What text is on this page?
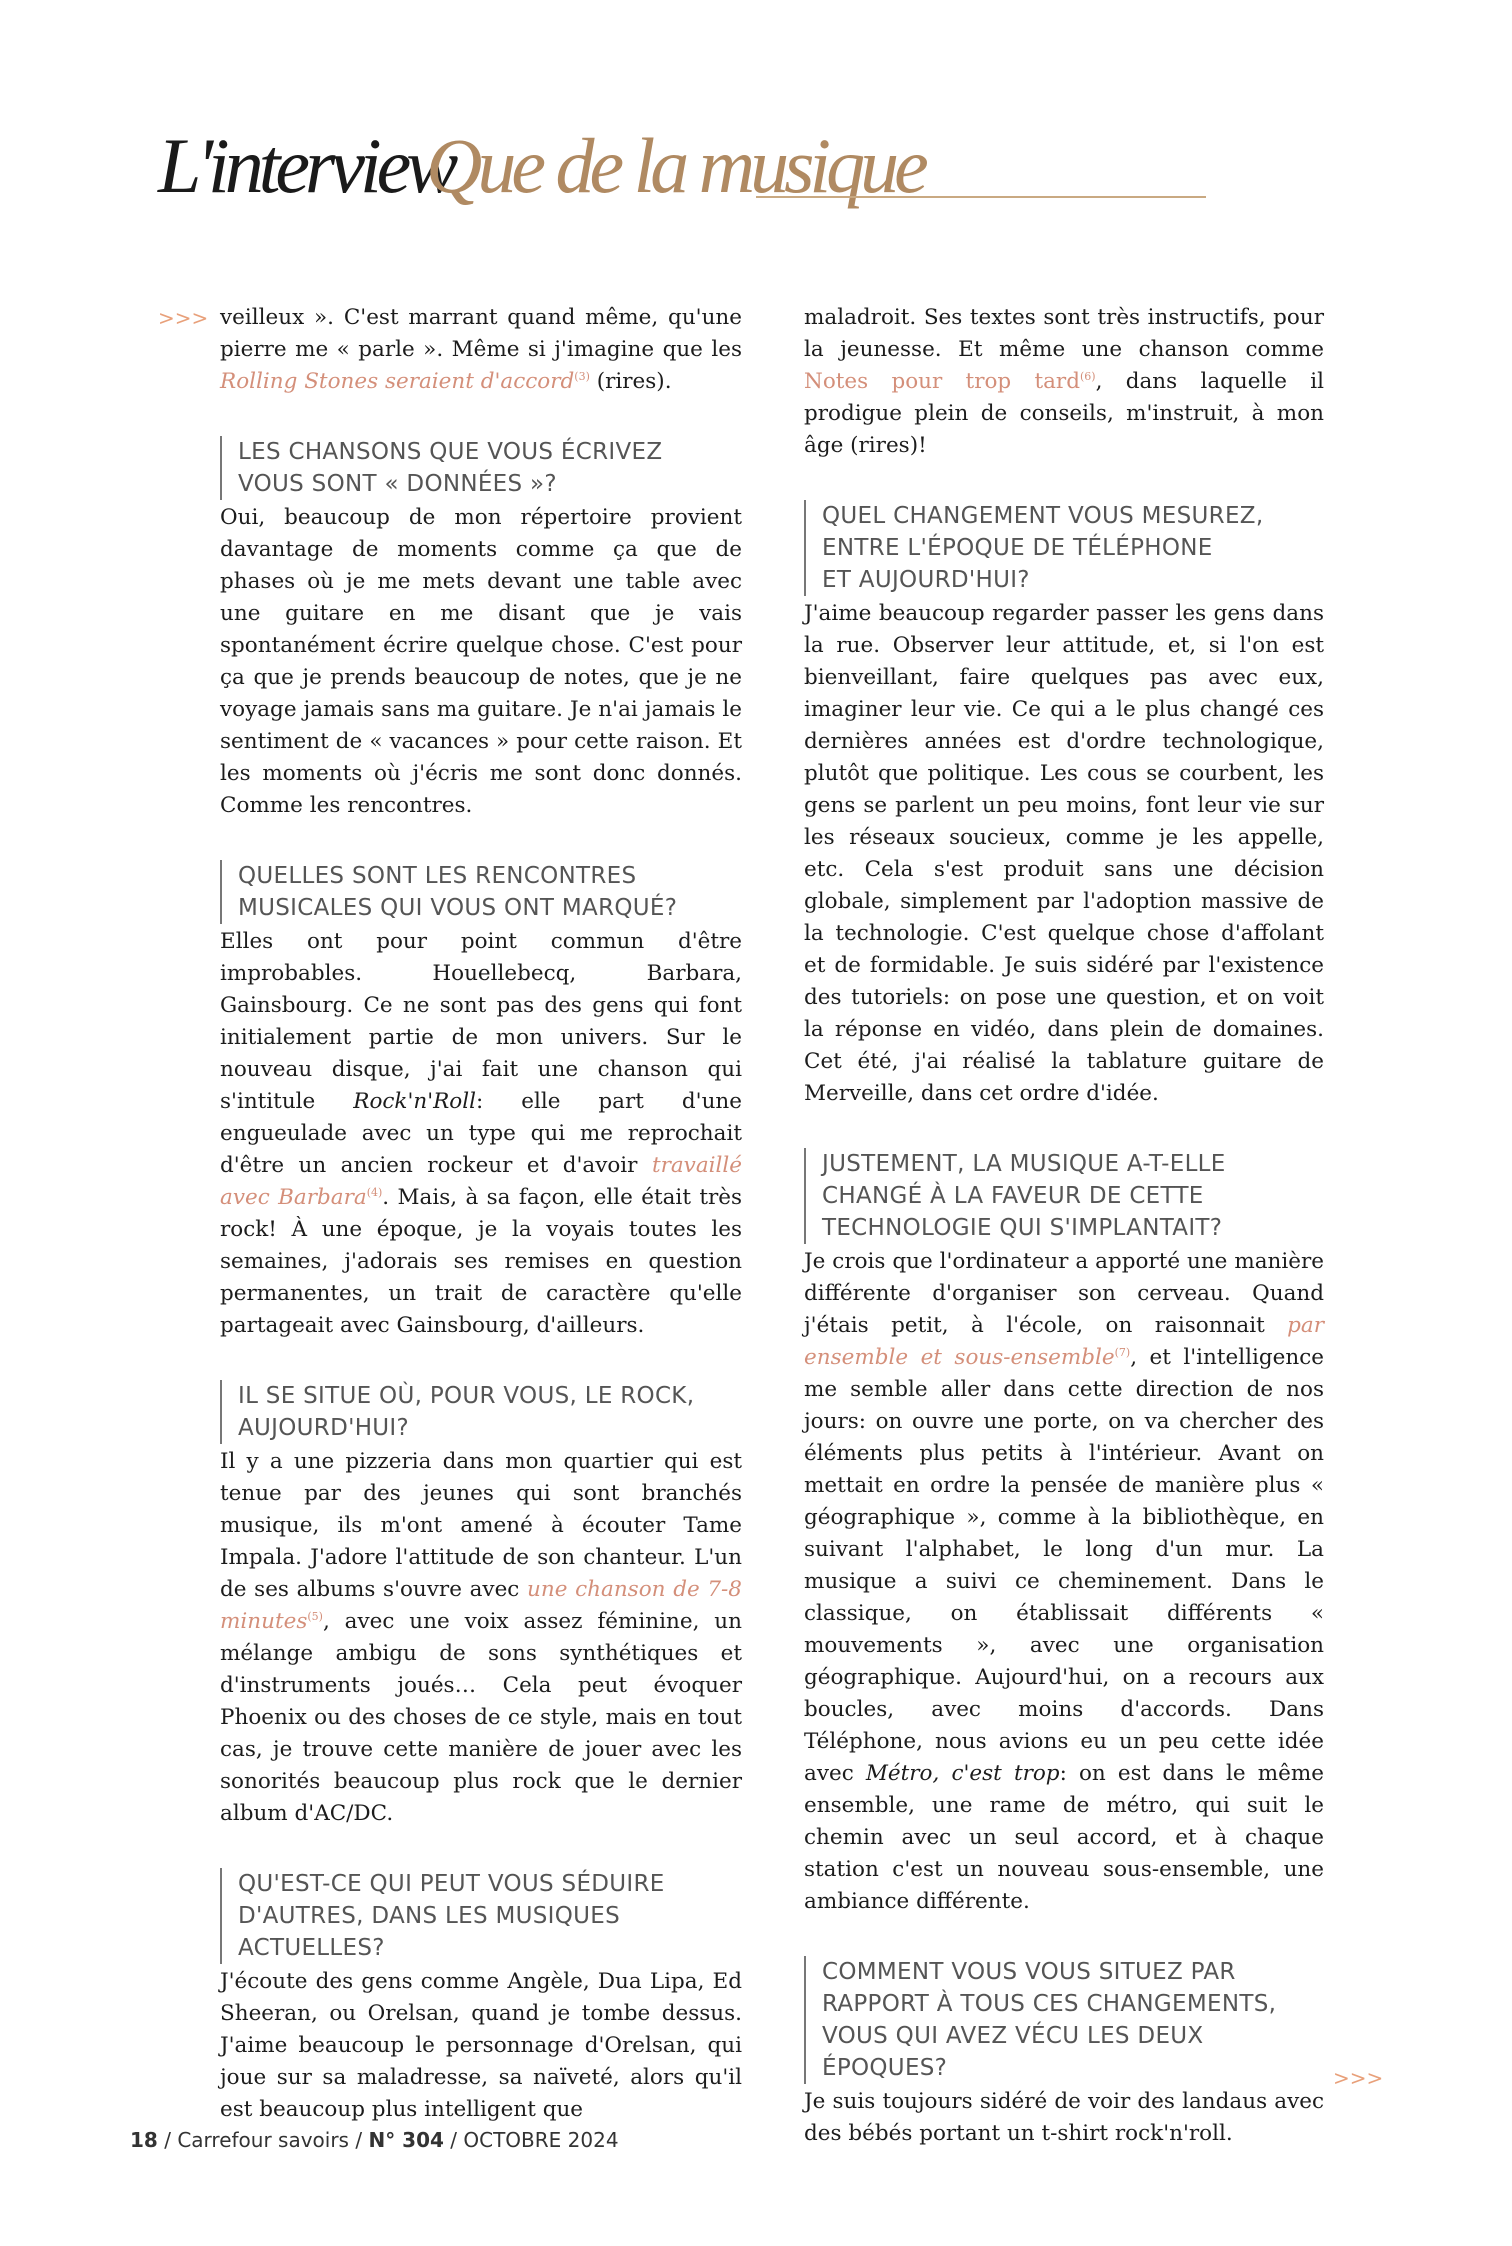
L'interview
Que de la musique
>>> veilleux ». C'est marrant quand même, qu'une pierre me « parle ». Même si j'imagine que les Rolling Stones seraient d'accord$^{(3)}$ (rires).

LES CHANSONS QUE VOUS ÉCRIVEZ
VOUS SONT « DONNÉES »?

Oui, beaucoup de mon répertoire provient davantage de moments comme ça que de phases où je me mets devant une table avec une guitare en me disant que je vais spontanément écrire quelque chose. C'est pour ça que je prends beaucoup de notes, que je ne voyage jamais sans ma guitare. Je n'ai jamais le sentiment de « vacances » pour cette raison. Et les moments où j'écris me sont donc donnés. Comme les rencontres.

QUELLES SONT LES RENCONTRES
MUSICALES QUI VOUS ONT MARQUÉ?

Elles ont pour point commun d'être improbables. Houellebecq, Barbara, Gainsbourg. Ce ne sont pas des gens qui font initialement partie de mon univers. Sur le nouveau disque, j'ai fait une chanson qui s'intitule Rock'n'Roll: elle part d'une engueulade avec un type qui me reprochait d'être un ancien rockeur et d'avoir travaillé avec Barbara$^{(4)}$. Mais, à sa façon, elle était très rock! À une époque, je la voyais toutes les semaines, j'adorais ses remises en question permanentes, un trait de caractère qu'elle partageait avec Gainsbourg, d'ailleurs.

IL SE SITUE OÙ, POUR VOUS, LE ROCK,
AUJOURD'HUI?

Il y a une pizzeria dans mon quartier qui est tenue par des jeunes qui sont branchés musique, ils m'ont amené à écouter Tame Impala. J'adore l'attitude de son chanteur. L'un de ses albums s'ouvre avec une chanson de 7-8 minutes$^{(5)}$, avec une voix assez féminine, un mélange ambigu de sons synthétiques et d'instruments joués… Cela peut évoquer Phoenix ou des choses de ce style, mais en tout cas, je trouve cette manière de jouer avec les sonorités beaucoup plus rock que le dernier album d'AC/DC.

QU'EST-CE QUI PEUT VOUS SÉDUIRE
D'AUTRES, DANS LES MUSIQUES
ACTUELLES?

J'écoute des gens comme Angèle, Dua Lipa, Ed Sheeran, ou Orelsan, quand je tombe dessus. J'aime beaucoup le personnage d'Orelsan, qui joue sur sa maladresse, sa naïveté, alors qu'il est beaucoup plus intelligent que

maladroit. Ses textes sont très instructifs, pour la jeunesse. Et même une chanson comme Notes pour trop tard$^{(6)}$, dans laquelle il prodigue plein de conseils, m'instruit, à mon âge (rires)!

QUEL CHANGEMENT VOUS MESUREZ,
ENTRE L'ÉPOQUE DE TÉLÉPHONE
ET AUJOURD'HUI?

J'aime beaucoup regarder passer les gens dans la rue. Observer leur attitude, et, si l'on est bienveillant, faire quelques pas avec eux, imaginer leur vie. Ce qui a le plus changé ces dernières années est d'ordre technologique, plutôt que politique. Les cous se courbent, les gens se parlent un peu moins, font leur vie sur les réseaux soucieux, comme je les appelle, etc. Cela s'est produit sans une décision globale, simplement par l'adoption massive de la technologie. C'est quelque chose d'affolant et de formidable. Je suis sidéré par l'existence des tutoriels: on pose une question, et on voit la réponse en vidéo, dans plein de domaines. Cet été, j'ai réalisé la tablature guitare de Merveille, dans cet ordre d'idée.

JUSTEMENT, LA MUSIQUE A-T-ELLE
CHANGÉ À LA FAVEUR DE CETTE
TECHNOLOGIE QUI S'IMPLANTAIT?

Je crois que l'ordinateur a apporté une manière différente d'organiser son cerveau. Quand j'étais petit, à l'école, on raisonnait par ensemble et sous-ensemble$^{(7)}$, et l'intelligence me semble aller dans cette direction de nos jours: on ouvre une porte, on va chercher des éléments plus petits à l'intérieur. Avant on mettait en ordre la pensée de manière plus « géographique », comme à la bibliothèque, en suivant l'alphabet, le long d'un mur. La musique a suivi ce cheminement. Dans le classique, on établissait différents « mouvements », avec une organisation géographique. Aujourd'hui, on a recours aux boucles, avec moins d'accords. Dans Téléphone, nous avions eu un peu cette idée avec Métro, c'est trop: on est dans le même ensemble, une rame de métro, qui suit le chemin avec un seul accord, et à chaque station c'est un nouveau sous-ensemble, une ambiance différente.

COMMENT VOUS VOUS SITUEZ PAR
RAPPORT À TOUS CES CHANGEMENTS,
VOUS QUI AVEZ VÉCU LES DEUX
ÉPOQUES?

Je suis toujours sidéré de voir des landaus avec des bébés portant un t-shirt rock'n'roll.

>>>
18 / Carrefour savoirs / N° 304 / OCTOBRE 2024
